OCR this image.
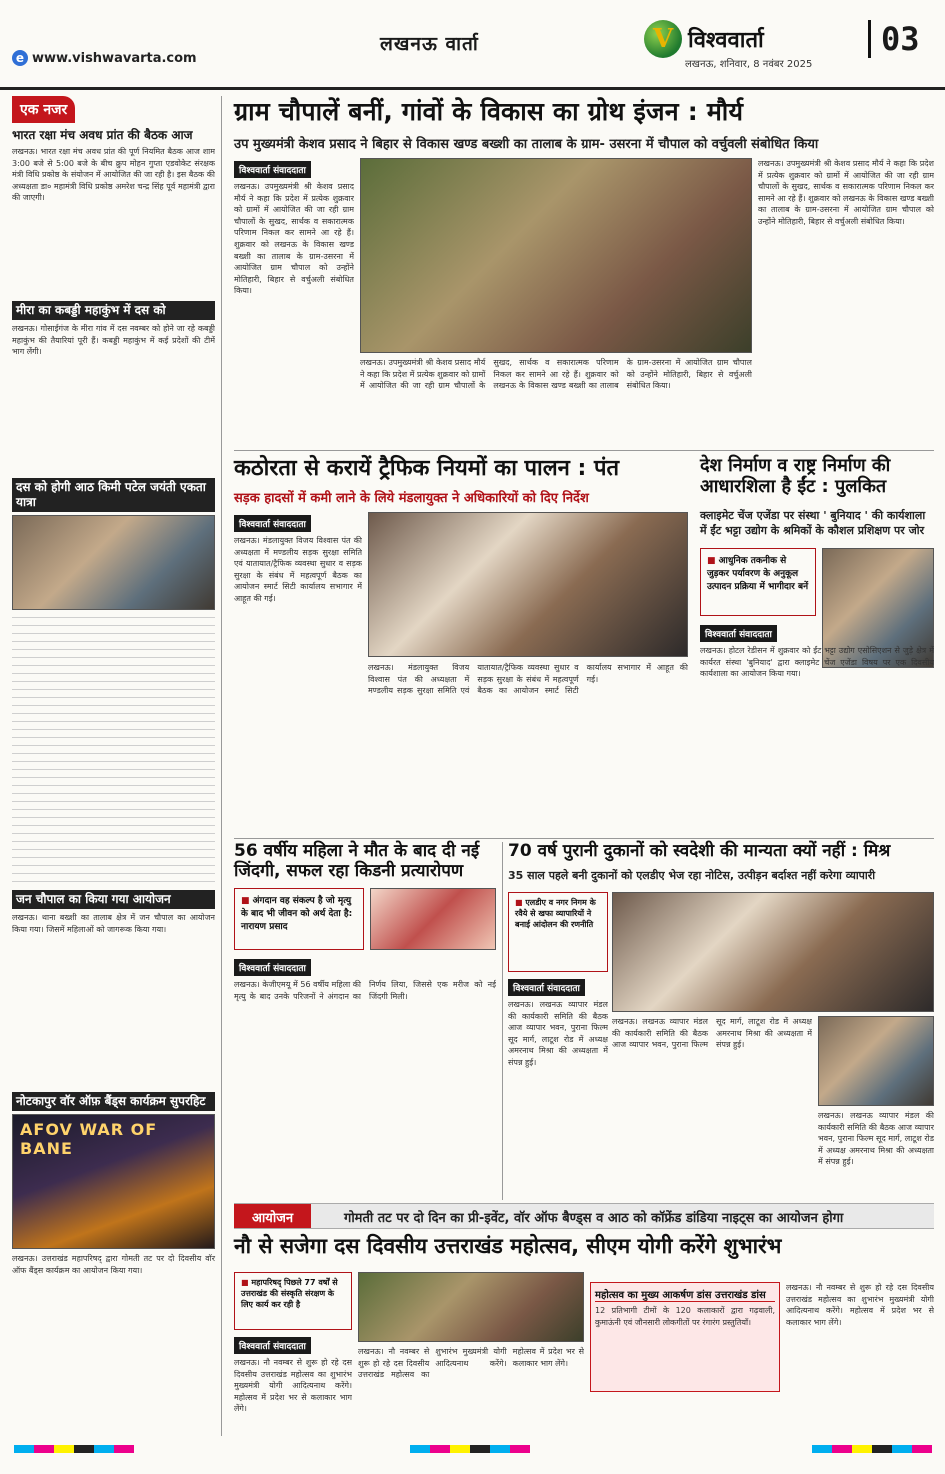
लखनऊ वार्ता
e www.vishwavarta.com
V
विश्ववार्ता
लखनऊ, शनिवार, 8 नवंबर 2025
03
एक नजर
भारत रक्षा मंच अवध प्रांत की बैठक आज
लखनऊ। भारत रक्षा मंच अवध प्रांत की पूर्ण नियमित बैठक आज शाम 3:00 बजे से 5:00 बजे के बीच क्रुप मोहन गुप्ता एडवोकेट संरक्षक मंत्री विधि प्रकोष्ठ के संयोजन में आयोजित की जा रही है। इस बैठक की अध्यक्षता डा० महामंत्री विधि प्रकोष्ठ अमरेश चन्द्र सिंह पूर्व महामंत्री द्वारा की जाएगी।
मीरा का कबड्डी महाकुंभ में दस को
लखनऊ। गोसाईगंज के मीरा गांव में दस नवम्बर को होने जा रहे कबड्डी महाकुंभ की तैयारियां पूरी हैं। कबड्डी महाकुंभ में कई प्रदेशों की टीमें भाग लेंगी।
दस को होगी आठ किमी पटेल जयंती एकता यात्रा
जन चौपाल का किया गया आयोजन
लखनऊ। थाना बख्शी का तालाब क्षेत्र में जन चौपाल का आयोजन किया गया। जिसमें महिलाओं को जागरूक किया गया।
नोटकापुर वॉर ऑफ़ बैंड्स कार्यक्रम सुपरहिट
AFOV WAR OF BANE
लखनऊ। उत्तराखंड महापरिषद् द्वारा गोमती तट पर दो दिवसीय वॉर ऑफ बैंड्स कार्यक्रम का आयोजन किया गया।
ग्राम चौपालें बनीं, गांवों के विकास का ग्रोथ इंजन : मौर्य
उप मुख्यमंत्री केशव प्रसाद ने बिहार से विकास खण्ड बख्शी का तालाब के ग्राम- उसरना में चौपाल को वर्चुवली संबोधित किया
विश्ववार्ता संवाददाता
लखनऊ। उपमुख्यमंत्री श्री केशव प्रसाद मौर्य ने कहा कि प्रदेश में प्रत्येक शुक्रवार को ग्रामों में आयोजित की जा रही ग्राम चौपालों के सुखद, सार्थक व सकारात्मक परिणाम निकल कर सामने आ रहे हैं। शुक्रवार को लखनऊ के विकास खण्ड बख्शी का तालाब के ग्राम-उसरना में आयोजित ग्राम चौपाल को उन्होंने मोतिहारी, बिहार से वर्चुअली संबोधित किया।
लखनऊ। उपमुख्यमंत्री श्री केशव प्रसाद मौर्य ने कहा कि प्रदेश में प्रत्येक शुक्रवार को ग्रामों में आयोजित की जा रही ग्राम चौपालों के सुखद, सार्थक व सकारात्मक परिणाम निकल कर सामने आ रहे हैं। शुक्रवार को लखनऊ के विकास खण्ड बख्शी का तालाब के ग्राम-उसरना में आयोजित ग्राम चौपाल को उन्होंने मोतिहारी, बिहार से वर्चुअली संबोधित किया।
लखनऊ। उपमुख्यमंत्री श्री केशव प्रसाद मौर्य ने कहा कि प्रदेश में प्रत्येक शुक्रवार को ग्रामों में आयोजित की जा रही ग्राम चौपालों के सुखद, सार्थक व सकारात्मक परिणाम निकल कर सामने आ रहे हैं। शुक्रवार को लखनऊ के विकास खण्ड बख्शी का तालाब के ग्राम-उसरना में आयोजित ग्राम चौपाल को उन्होंने मोतिहारी, बिहार से वर्चुअली संबोधित किया।
कठोरता से करायें ट्रैफिक नियमों का पालन : पंत
सड़क हादसों में कमी लाने के लिये मंडलायुक्त ने अधिकारियों को दिए निर्देश
विश्ववार्ता संवाददाता
लखनऊ। मंडलायुक्त विजय विश्वास पंत की अध्यक्षता में मण्डलीय सड़क सुरक्षा समिति एवं यातायात/ट्रैफिक व्यवस्था सुधार व सड़क सुरक्षा के संबंध में महत्वपूर्ण बैठक का आयोजन स्मार्ट सिटी कार्यालय सभागार में आहूत की गई।
लखनऊ। मंडलायुक्त विजय विश्वास पंत की अध्यक्षता में मण्डलीय सड़क सुरक्षा समिति एवं यातायात/ट्रैफिक व्यवस्था सुधार व सड़क सुरक्षा के संबंध में महत्वपूर्ण बैठक का आयोजन स्मार्ट सिटी कार्यालय सभागार में आहूत की गई।
देश निर्माण व राष्ट्र निर्माण की आधारशिला है ईंट : पुलकित
क्लाइमेट चेंज एजेंडा पर संस्था ' बुनियाद ' की कार्यशाला में ईंट भट्टा उद्योग के श्रमिकों के कौशल प्रशिक्षण पर जोर
■ आधुनिक तकनीक से जुड़कर पर्यावरण के अनुकूल उत्पादन प्रक्रिया में भागीदार बनें
विश्ववार्ता संवाददाता
लखनऊ। होटल रेडीसन में शुक्रवार को ईंट भट्टा उद्योग एसोसिएशन से जुड़े क्षेत्र में कार्यरत संस्था 'बुनियाद' द्वारा क्लाइमेट चेंज एजेंडा विषय पर एक दिवसीय कार्यशाला का आयोजन किया गया।
56 वर्षीय महिला ने मौत के बाद दी नई जिंदगी, सफल रहा किडनी प्रत्यारोपण
■ अंगदान वह संकल्प है जो मृत्यु के बाद भी जीवन को अर्थ देता है: नारायण प्रसाद
विश्ववार्ता संवाददाता
लखनऊ। केजीएमयू में 56 वर्षीय महिला की मृत्यु के बाद उनके परिजनों ने अंगदान का निर्णय लिया, जिससे एक मरीज को नई जिंदगी मिली।
70 वर्ष पुरानी दुकानों को स्वदेशी की मान्यता क्यों नहीं : मिश्र
35 साल पहले बनी दुकानों को एलडीए भेज रहा नोटिस, उत्पीड़न बर्दाश्त नहीं करेगा व्यापारी
■ एलडीए व नगर निगम के रवैये से खफा व्यापारियों ने बनाई आंदोलन की रणनीति
विश्ववार्ता संवाददाता
लखनऊ। लखनऊ व्यापार मंडल की कार्यकारी समिति की बैठक आज व्यापार भवन, पुराना फिल्म सूद मार्ग, लाटूश रोड में अध्यक्ष अमरनाथ मिश्रा की अध्यक्षता में संपन्न हुई।
लखनऊ। लखनऊ व्यापार मंडल की कार्यकारी समिति की बैठक आज व्यापार भवन, पुराना फिल्म सूद मार्ग, लाटूश रोड में अध्यक्ष अमरनाथ मिश्रा की अध्यक्षता में संपन्न हुई।
लखनऊ। लखनऊ व्यापार मंडल की कार्यकारी समिति की बैठक आज व्यापार भवन, पुराना फिल्म सूद मार्ग, लाटूश रोड में अध्यक्ष अमरनाथ मिश्रा की अध्यक्षता में संपन्न हुई।
आयोजन	गोमती तट पर दो दिन का प्री-इवेंट, वॉर ऑफ बैण्ड्स व आठ को कॉफ्रेंड डांडिया नाइट्स का आयोजन होगा
नौ से सजेगा दस दिवसीय उत्तराखंड महोत्सव, सीएम योगी करेंगे शुभारंभ
■ महापरिषद् पिछले 77 वर्षों से उत्तराखंड की संस्कृति संरक्षण के लिए कार्य कर रही है
विश्ववार्ता संवाददाता
लखनऊ। नौ नवम्बर से शुरू हो रहे दस दिवसीय उत्तराखंड महोत्सव का शुभारंभ मुख्यमंत्री योगी आदित्यनाथ करेंगे। महोत्सव में प्रदेश भर से कलाकार भाग लेंगे।
लखनऊ। नौ नवम्बर से शुरू हो रहे दस दिवसीय उत्तराखंड महोत्सव का शुभारंभ मुख्यमंत्री योगी आदित्यनाथ करेंगे। महोत्सव में प्रदेश भर से कलाकार भाग लेंगे।
महोत्सव का मुख्य आकर्षण डांस उत्तराखंड डांस
12 प्रतिभागी टीमों के 120 कलाकारों द्वारा गढ़वाली, कुमाऊंनी एवं जौनसारी लोकगीतों पर रंगारंग प्रस्तुतियाँ।
लखनऊ। नौ नवम्बर से शुरू हो रहे दस दिवसीय उत्तराखंड महोत्सव का शुभारंभ मुख्यमंत्री योगी आदित्यनाथ करेंगे। महोत्सव में प्रदेश भर से कलाकार भाग लेंगे।
